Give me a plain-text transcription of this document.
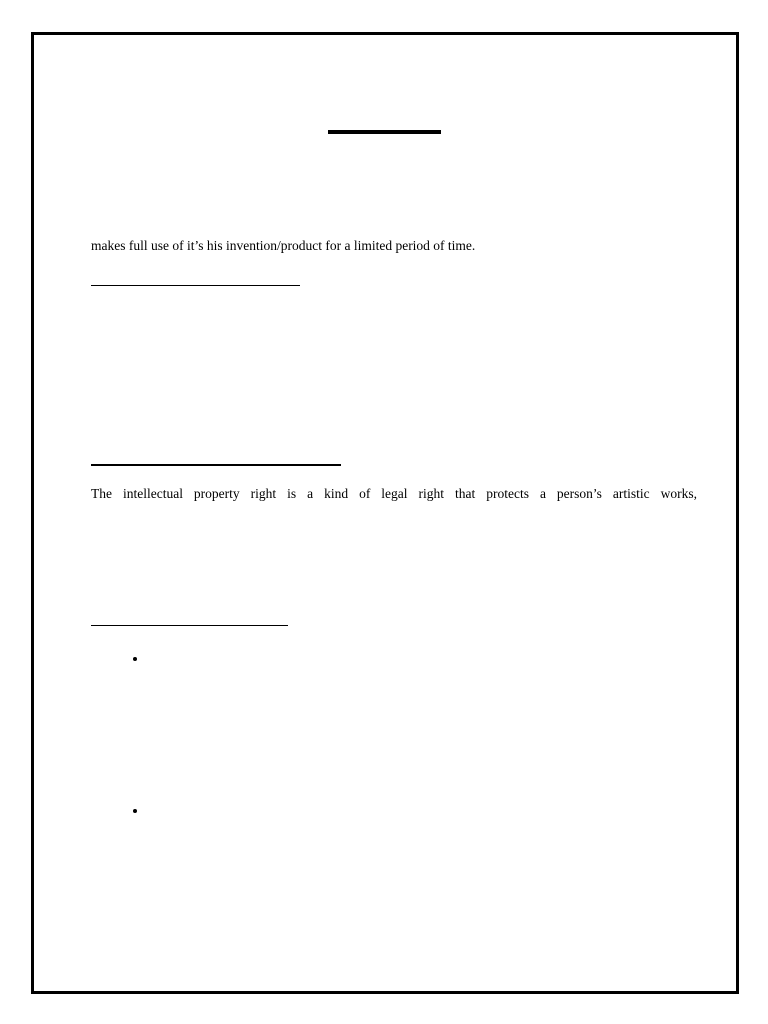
makes full use of it’s his invention/product for a limited period of time.
The intellectual property right is a kind of legal right that protects a person’s artistic works,
